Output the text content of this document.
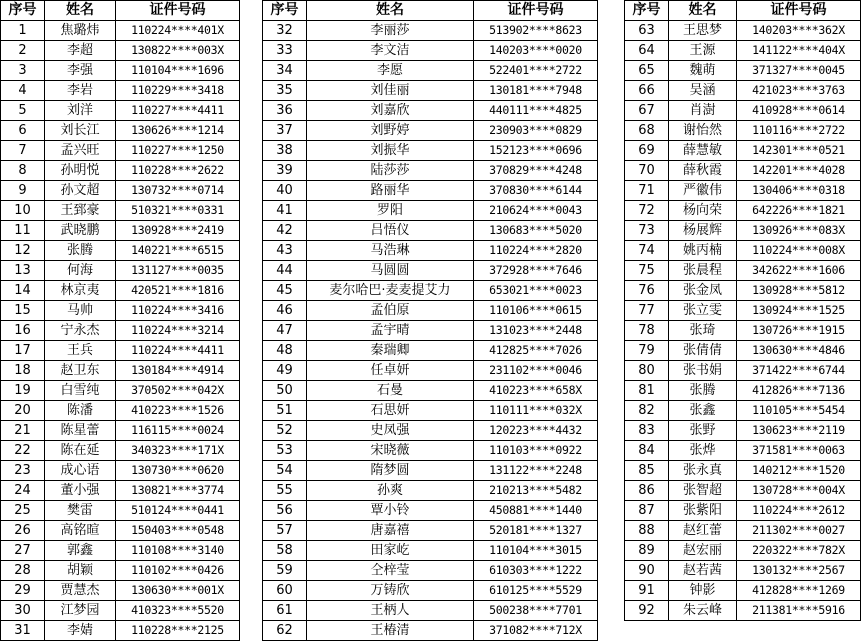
序号	姓名	证件号码
1	焦璐炜	110224****401X
2	李超	130822****003X
3	李强	110104****1696
4	李岩	110229****3418
5	刘洋	110227****4411
6	刘长江	130626****1214
7	孟兴旺	110227****1250
8	孙明悦	110228****2622
9	孙文超	130732****0714
10	王郅豪	510321****0331
11	武晓鹏	130928****2419
12	张腾	140221****6515
13	何海	131127****0035
14	林京夷	420521****1816
15	马帅	110224****3416
16	宁永杰	110224****3214
17	王兵	110224****4411
18	赵卫东	130184****4914
19	白雪纯	370502****042X
20	陈潘	410223****1526
21	陈星蕾	116115****0024
22	陈在延	340323****171X
23	成心语	130730****0620
24	董小强	130821****3774
25	樊雷	510124****0441
26	高铭暄	150403****0548
27	郭鑫	110108****3140
28	胡颖	110102****0426
29	贾慧杰	130630****001X
30	江梦园	410323****5520
31	李婧	110228****2125
序号	姓名	证件号码
32	李丽莎	513902****8623
33	李文洁	140203****0020
34	李愿	522401****2722
35	刘佳丽	130181****7948
36	刘嘉欣	440111****4825
37	刘野婷	230903****0829
38	刘振华	152123****0696
39	陆莎莎	370829****4248
40	路丽华	370830****6144
41	罗阳	210624****0043
42	吕悟仪	130683****5020
43	马浩琳	110224****2820
44	马圆圆	372928****7646
45	麦尔哈巴·麦麦提艾力	653021****0023
46	孟伯原	110106****0615
47	孟宇晴	131023****2448
48	秦瑞卿	412825****7026
49	任卓妍	231102****0046
50	石曼	410223****658X
51	石思妍	110111****032X
52	史凤强	120223****4432
53	宋晓薇	110103****0922
54	隋梦圆	131122****2248
55	孙爽	210213****5482
56	覃小铃	450881****1440
57	唐嘉禧	520181****1327
58	田家屹	110104****3015
59	仝梓莹	610303****1222
60	万铸欣	610125****5529
61	王柄人	500238****7701
62	王椿清	371082****712X
序号	姓名	证件号码
63	王思梦	140203****362X
64	王源	141122****404X
65	魏萌	371327****0045
66	吴涵	421023****3763
67	肖澍	410928****0614
68	谢怡然	110116****2722
69	薛慧敏	142301****0521
70	薛秋霞	142201****4028
71	严徽伟	130406****0318
72	杨向荣	642226****1821
73	杨展辉	130926****083X
74	姚丙楠	110224****008X
75	张晨程	342622****1606
76	张金凤	130928****5812
77	张立雯	130924****1525
78	张琦	130726****1915
79	张倩倩	130630****4846
80	张书娟	371422****6744
81	张腾	412826****7136
82	张鑫	110105****5454
83	张野	130623****2119
84	张烨	371581****0063
85	张永真	140212****1520
86	张智超	130728****004X
87	张紫阳	110224****2612
88	赵红蕾	211302****0027
89	赵宏丽	220322****782X
90	赵若茜	130132****2567
91	钟影	412828****1269
92	朱云峰	211381****5916
